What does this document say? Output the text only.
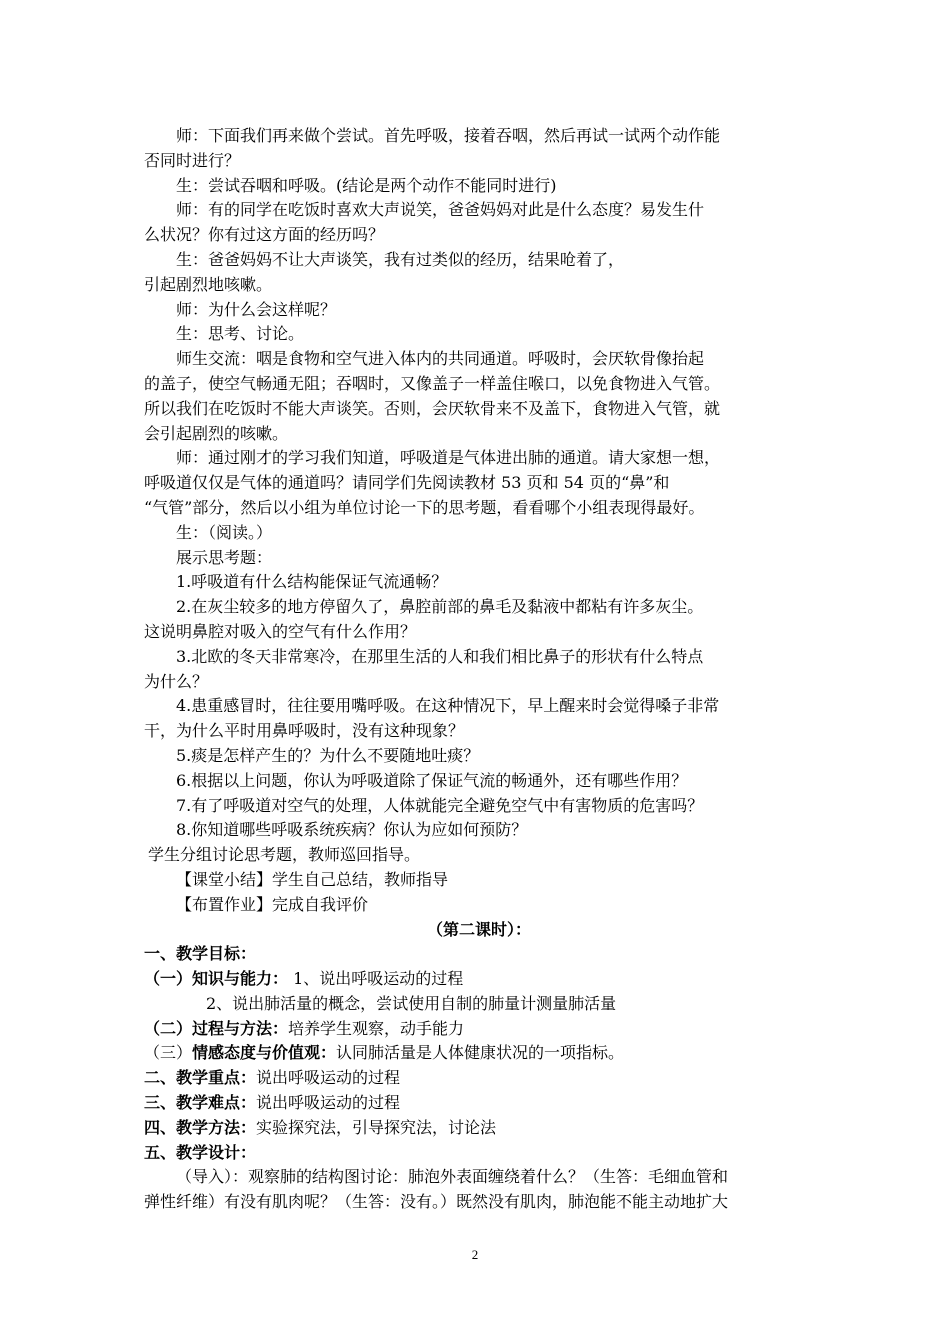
师：下面我们再来做个尝试。首先呼吸，接着吞咽，然后再试一试两个动作能
否同时进行？
生：尝试吞咽和呼吸。(结论是两个动作不能同时进行)
师：有的同学在吃饭时喜欢大声说笑，爸爸妈妈对此是什么态度？易发生什
么状况？你有过这方面的经历吗？
生：爸爸妈妈不让大声谈笑，我有过类似的经历，结果呛着了，
引起剧烈地咳嗽。
师：为什么会这样呢？
生：思考、讨论。
师生交流：咽是食物和空气进入体内的共同通道。呼吸时，会厌软骨像抬起
的盖子，使空气畅通无阻；吞咽时，又像盖子一样盖住喉口，以免食物进入气管。
所以我们在吃饭时不能大声谈笑。否则，会厌软骨来不及盖下，食物进入气管，就
会引起剧烈的咳嗽。
师：通过刚才的学习我们知道，呼吸道是气体进出肺的通道。请大家想一想，
呼吸道仅仅是气体的通道吗？请同学们先阅读教材 53 页和 54 页的“鼻”和
“气管”部分，然后以小组为单位讨论一下的思考题，看看哪个小组表现得最好。
生：（阅读。）
展示思考题：
1.呼吸道有什么结构能保证气流通畅？
2.在灰尘较多的地方停留久了，鼻腔前部的鼻毛及黏液中都粘有许多灰尘。
这说明鼻腔对吸入的空气有什么作用？
3.北欧的冬天非常寒冷，在那里生活的人和我们相比鼻子的形状有什么特点
为什么？
4.患重感冒时，往往要用嘴呼吸。在这种情况下，早上醒来时会觉得嗓子非常
干，为什么平时用鼻呼吸时，没有这种现象？
5.痰是怎样产生的？为什么不要随地吐痰？
6.根据以上问题，你认为呼吸道除了保证气流的畅通外，还有哪些作用？
7.有了呼吸道对空气的处理，人体就能完全避免空气中有害物质的危害吗？
8.你知道哪些呼吸系统疾病？你认为应如何预防？
学生分组讨论思考题，教师巡回指导。
【课堂小结】学生自己总结，教师指导
【布置作业】完成自我评价
（第二课时）：
一、教学目标：
（一）知识与能力： 1、说出呼吸运动的过程
2、说出肺活量的概念，尝试使用自制的肺量计测量肺活量
（二）过程与方法：培养学生观察，动手能力
（三）情感态度与价值观：认同肺活量是人体健康状况的一项指标。
二、教学重点：说出呼吸运动的过程
三、教学难点：说出呼吸运动的过程
四、教学方法：实验探究法，引导探究法，讨论法
五、教学设计：
（导入）：观察肺的结构图讨论：肺泡外表面缠绕着什么？（生答：毛细血管和
弹性纤维）有没有肌肉呢？（生答：没有。）既然没有肌肉，肺泡能不能主动地扩大
2
